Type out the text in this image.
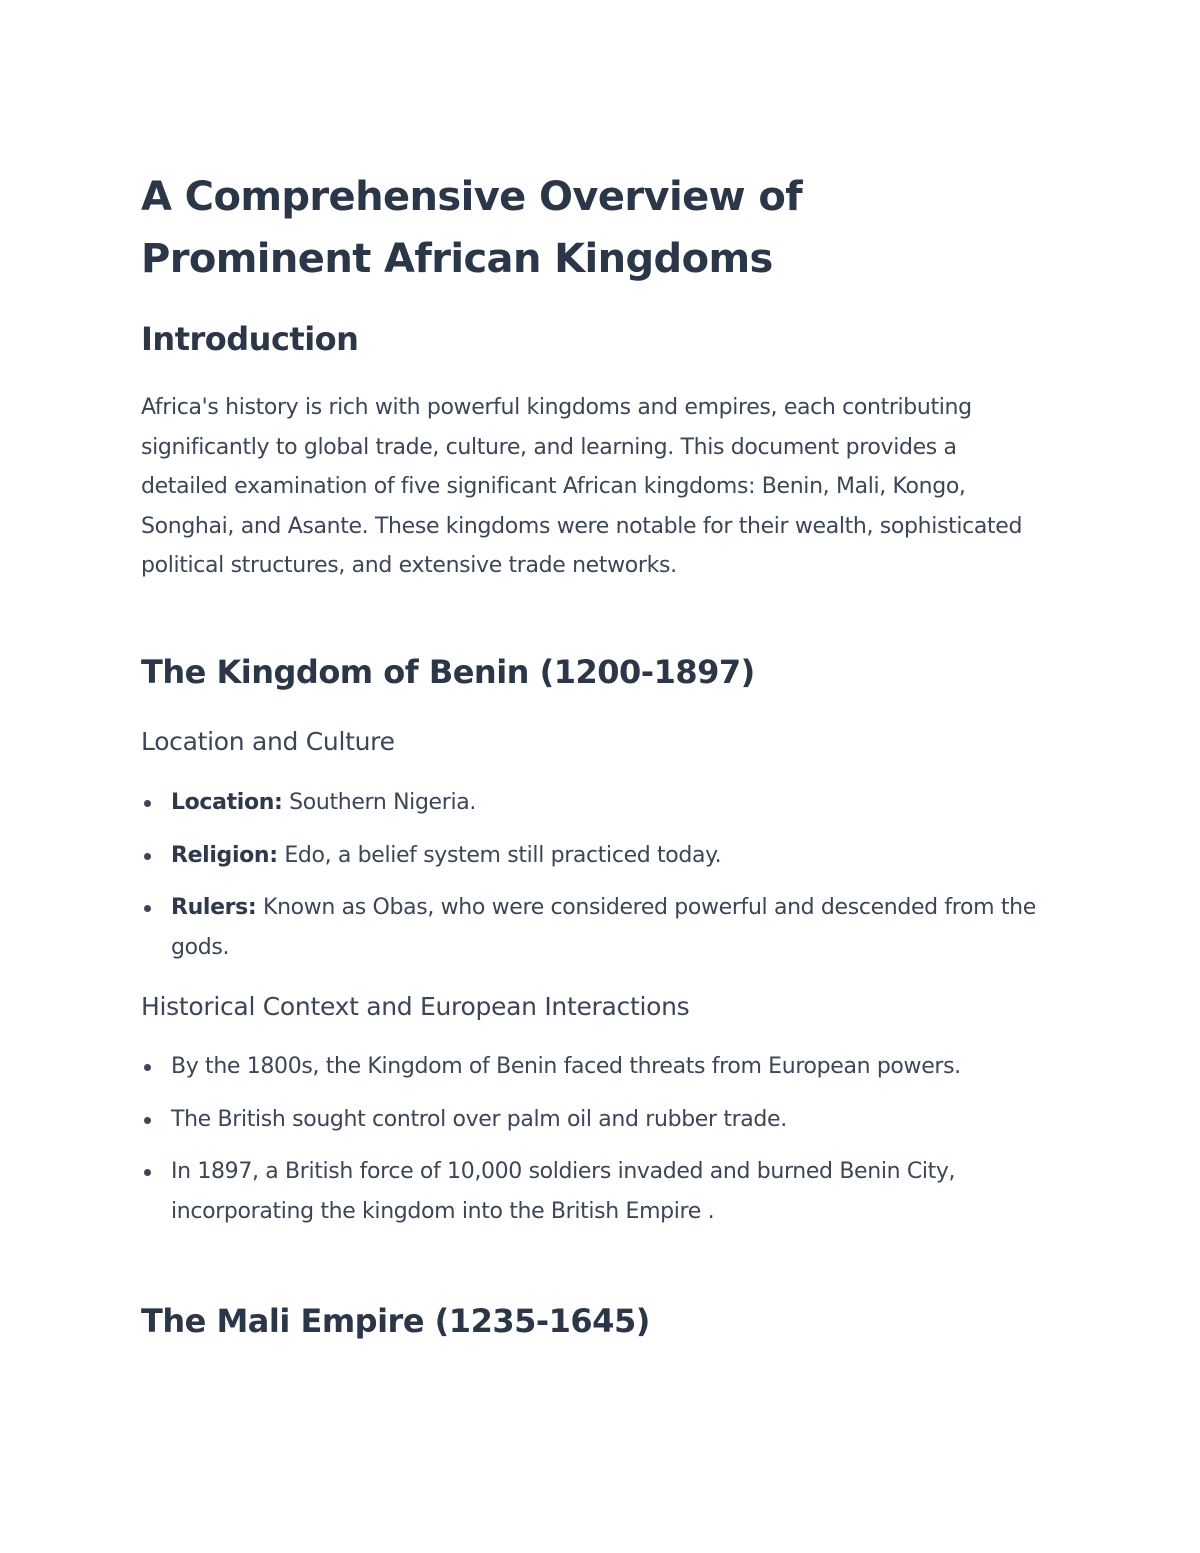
A Comprehensive Overview of Prominent African Kingdoms
Introduction

Africa's history is rich with powerful kingdoms and empires, each contributing significantly to global trade, culture, and learning. This document provides a detailed examination of five significant African kingdoms: Benin, Mali, Kongo, Songhai, and Asante. These kingdoms were notable for their wealth, sophisticated political structures, and extensive trade networks.

The Kingdom of Benin (1200-1897)
Location and Culture
Location: Southern Nigeria.
Religion: Edo, a belief system still practiced today.
Rulers: Known as Obas, who were considered powerful and descended from the gods.
Historical Context and European Interactions
By the 1800s, the Kingdom of Benin faced threats from European powers.
The British sought control over palm oil and rubber trade.
In 1897, a British force of 10,000 soldiers invaded and burned Benin City, incorporating the kingdom into the British Empire .
The Mali Empire (1235-1645)
